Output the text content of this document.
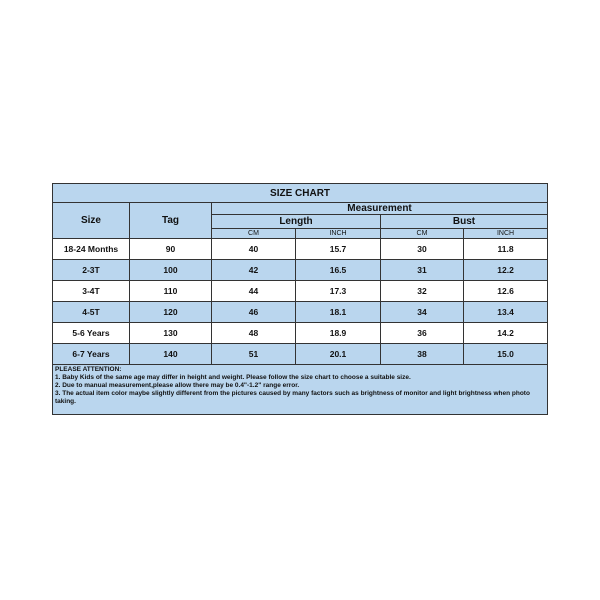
SIZE CHART					
Size	Tag	Measurement			
		Length		Bust	
		CM	INCH	CM	INCH
18-24 Months	90	40	15.7	30	11.8
2-3T	100	42	16.5	31	12.2
3-4T	110	44	17.3	32	12.6
4-5T	120	46	18.1	34	13.4
5-6 Years	130	48	18.9	36	14.2
6-7 Years	140	51	20.1	38	15.0
PLEASE ATTENTION:
1. Baby Kids of the same age may differ in height and weight. Please follow the size chart to choose a suitable size.
2. Due to manual measurement,please allow there may be 0.4"-1.2" range error.
3. The actual item color maybe slightly different from the pictures caused by many factors such as brightness of monitor and light brightness when photo taking.					
